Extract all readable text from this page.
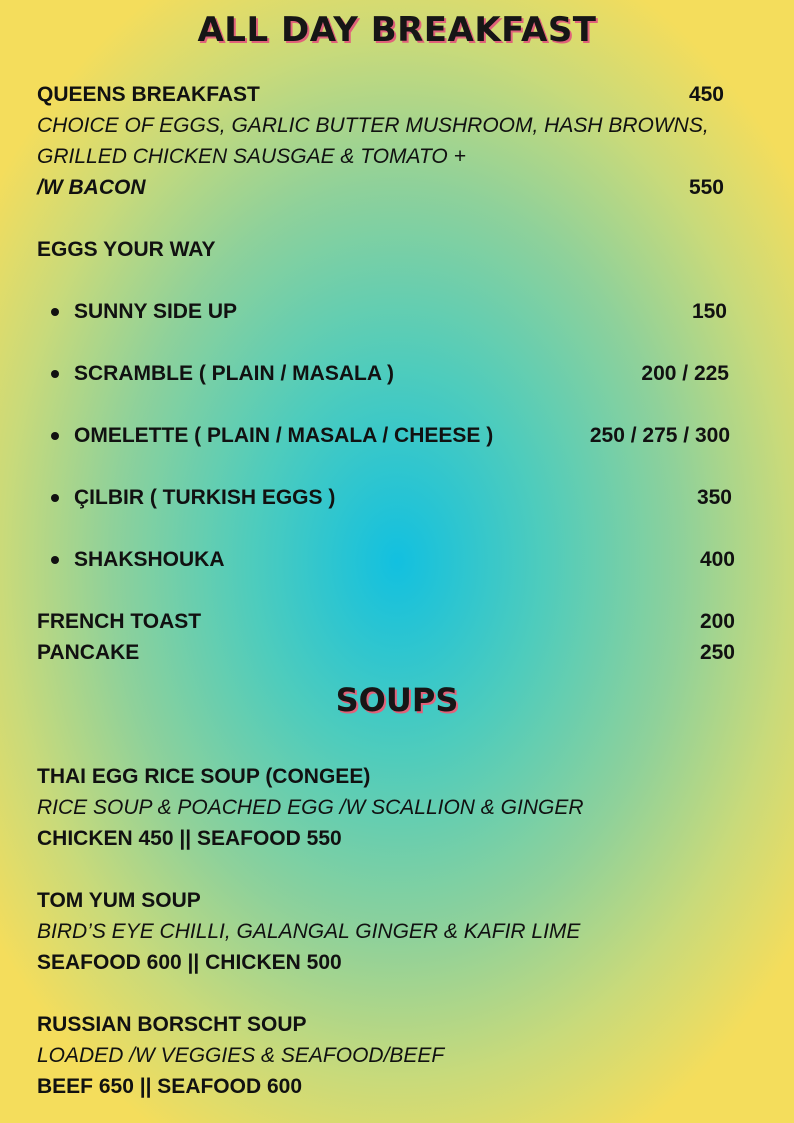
ALL DAY BREAKFAST
QUEENS BREAKFAST	450
CHOICE OF EGGS, GARLIC BUTTER MUSHROOM, HASH BROWNS,
GRILLED CHICKEN SAUSGAE & TOMATO +
/W BACON	550
EGGS YOUR WAY
SUNNY SIDE UP	150
SCRAMBLE ( PLAIN / MASALA )	200 / 225
OMELETTE ( PLAIN / MASALA / CHEESE )	250 / 275 / 300
ÇILBIR ( TURKISH EGGS )	350
SHAKSHOUKA	400
FRENCH TOAST	200
PANCAKE	250
SOUPS
THAI EGG RICE SOUP (CONGEE)
RICE SOUP & POACHED EGG /W SCALLION & GINGER
CHICKEN 450 || SEAFOOD 550
TOM YUM SOUP
BIRD’S EYE CHILLI, GALANGAL GINGER & KAFIR LIME
SEAFOOD 600 || CHICKEN 500
RUSSIAN BORSCHT SOUP
LOADED /W VEGGIES & SEAFOOD/BEEF
BEEF 650 || SEAFOOD 600
